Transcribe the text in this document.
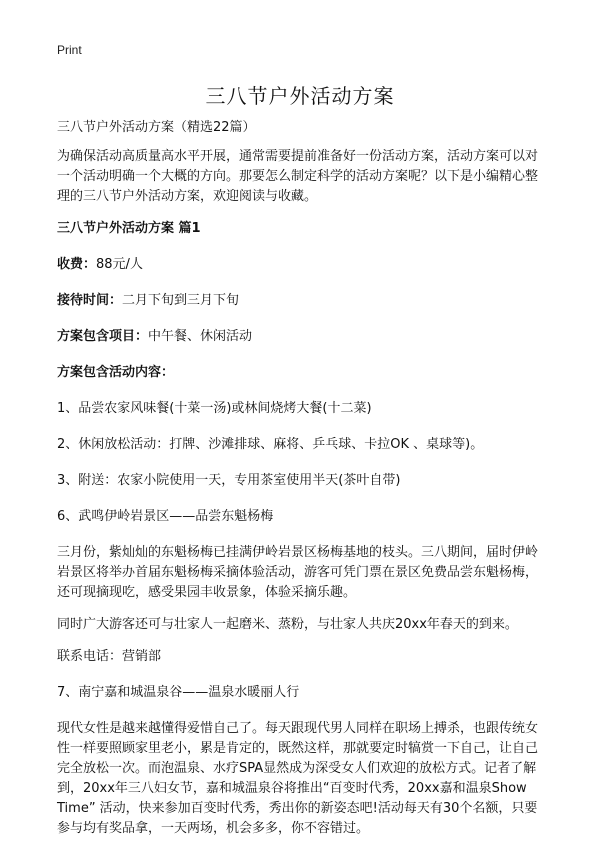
Print
三八节户外活动方案

三八节户外活动方案（精选22篇）

为确保活动高质量高水平开展，通常需要提前准备好一份活动方案，活动方案可以对一个活动明确一个大概的方向。那要怎么制定科学的活动方案呢？以下是小编精心整理的三八节户外活动方案，欢迎阅读与收藏。

三八节户外活动方案 篇1

收费：88元/人

接待时间：二月下旬到三月下旬

方案包含项目：中午餐、休闲活动

方案包含活动内容：

1、品尝农家风味餐(十菜一汤)或林间烧烤大餐(十二菜)

2、休闲放松活动：打牌、沙滩排球、麻将、乒乓球、卡拉OK 、桌球等)。

3、附送：农家小院使用一天，专用茶室使用半天(茶叶自带)

6、武鸣伊岭岩景区——品尝东魁杨梅

三月份，紫灿灿的东魁杨梅已挂满伊岭岩景区杨梅基地的枝头。三八期间，届时伊岭岩景区将举办首届东魁杨梅采摘体验活动，游客可凭门票在景区免费品尝东魁杨梅，还可现摘现吃，感受果园丰收景象，体验采摘乐趣。

同时广大游客还可与壮家人一起磨米、蒸粉，与壮家人共庆20xx年春天的到来。

联系电话：营销部

7、南宁嘉和城温泉谷——温泉水暖丽人行

现代女性是越来越懂得爱惜自己了。每天跟现代男人同样在职场上搏杀，也跟传统女性一样要照顾家里老小，累是肯定的，既然这样，那就要定时犒赏一下自己，让自己完全放松一次。而泡温泉、水疗SPA显然成为深受女人们欢迎的放松方式。记者了解到，20xx年三八妇女节，嘉和城温泉谷将推出“百变时代秀，20xx嘉和温泉Show Time” 活动，快来参加百变时代秀，秀出你的新姿态吧!活动每天有30个名额，只要参与均有奖品拿，一天两场，机会多多，你不容错过。
